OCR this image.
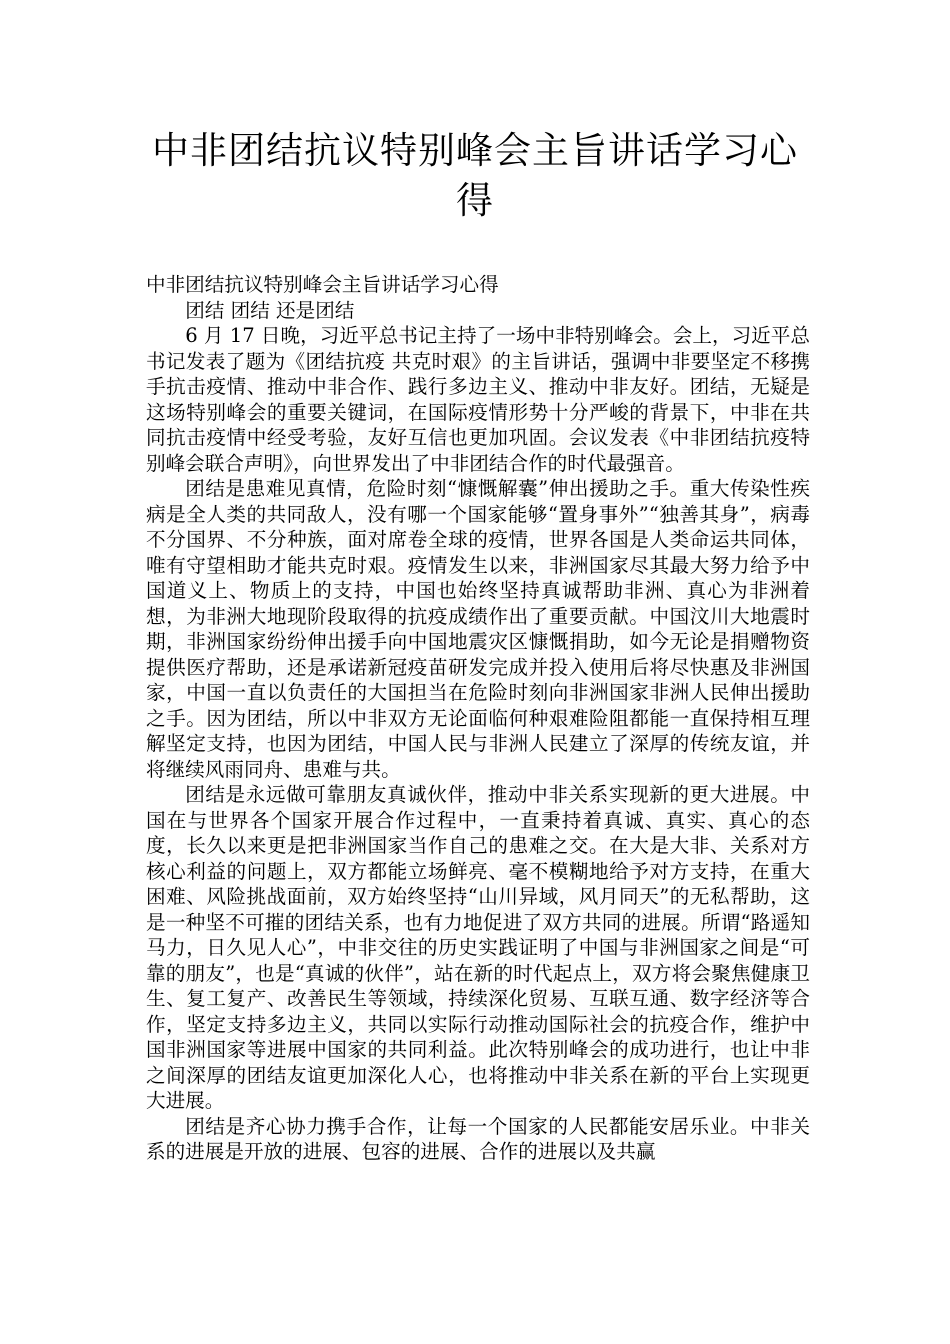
中非团结抗议特别峰会主旨讲话学习心得

中非团结抗议特别峰会主旨讲话学习心得

团结 团结 还是团结

6 月 17 日晚，习近平总书记主持了一场中非特别峰会。会上，习近平总书记发表了题为《团结抗疫 共克时艰》的主旨讲话，强调中非要坚定不移携手抗击疫情、推动中非合作、践行多边主义、推动中非友好。团结，无疑是这场特别峰会的重要关键词，在国际疫情形势十分严峻的背景下，中非在共同抗击疫情中经受考验，友好互信也更加巩固。会议发表《中非团结抗疫特别峰会联合声明》，向世界发出了中非团结合作的时代最强音。

团结是患难见真情，危险时刻“慷慨解囊”伸出援助之手。重大传染性疾病是全人类的共同敌人，没有哪一个国家能够“置身事外”“独善其身”，病毒不分国界、不分种族，面对席卷全球的疫情，世界各国是人类命运共同体，唯有守望相助才能共克时艰。疫情发生以来，非洲国家尽其最大努力给予中国道义上、物质上的支持，中国也始终坚持真诚帮助非洲、真心为非洲着想，为非洲大地现阶段取得的抗疫成绩作出了重要贡献。中国汶川大地震时期，非洲国家纷纷伸出援手向中国地震灾区慷慨捐助，如今无论是捐赠物资提供医疗帮助，还是承诺新冠疫苗研发完成并投入使用后将尽快惠及非洲国家，中国一直以负责任的大国担当在危险时刻向非洲国家非洲人民伸出援助之手。因为团结，所以中非双方无论面临何种艰难险阻都能一直保持相互理解坚定支持，也因为团结，中国人民与非洲人民建立了深厚的传统友谊，并将继续风雨同舟、患难与共。

团结是永远做可靠朋友真诚伙伴，推动中非关系实现新的更大进展。中国在与世界各个国家开展合作过程中，一直秉持着真诚、真实、真心的态度，长久以来更是把非洲国家当作自己的患难之交。在大是大非、关系对方核心利益的问题上，双方都能立场鲜亮、毫不模糊地给予对方支持，在重大困难、风险挑战面前，双方始终坚持“山川异域，风月同天”的无私帮助，这是一种坚不可摧的团结关系，也有力地促进了双方共同的进展。所谓“路遥知马力，日久见人心”，中非交往的历史实践证明了中国与非洲国家之间是“可靠的朋友”，也是“真诚的伙伴”，站在新的时代起点上，双方将会聚焦健康卫生、复工复产、改善民生等领域，持续深化贸易、互联互通、数字经济等合作，坚定支持多边主义，共同以实际行动推动国际社会的抗疫合作，维护中国非洲国家等进展中国家的共同利益。此次特别峰会的成功进行，也让中非之间深厚的团结友谊更加深化人心，也将推动中非关系在新的平台上实现更大进展。

团结是齐心协力携手合作，让每一个国家的人民都能安居乐业。中非关系的进展是开放的进展、包容的进展、合作的进展以及共赢
